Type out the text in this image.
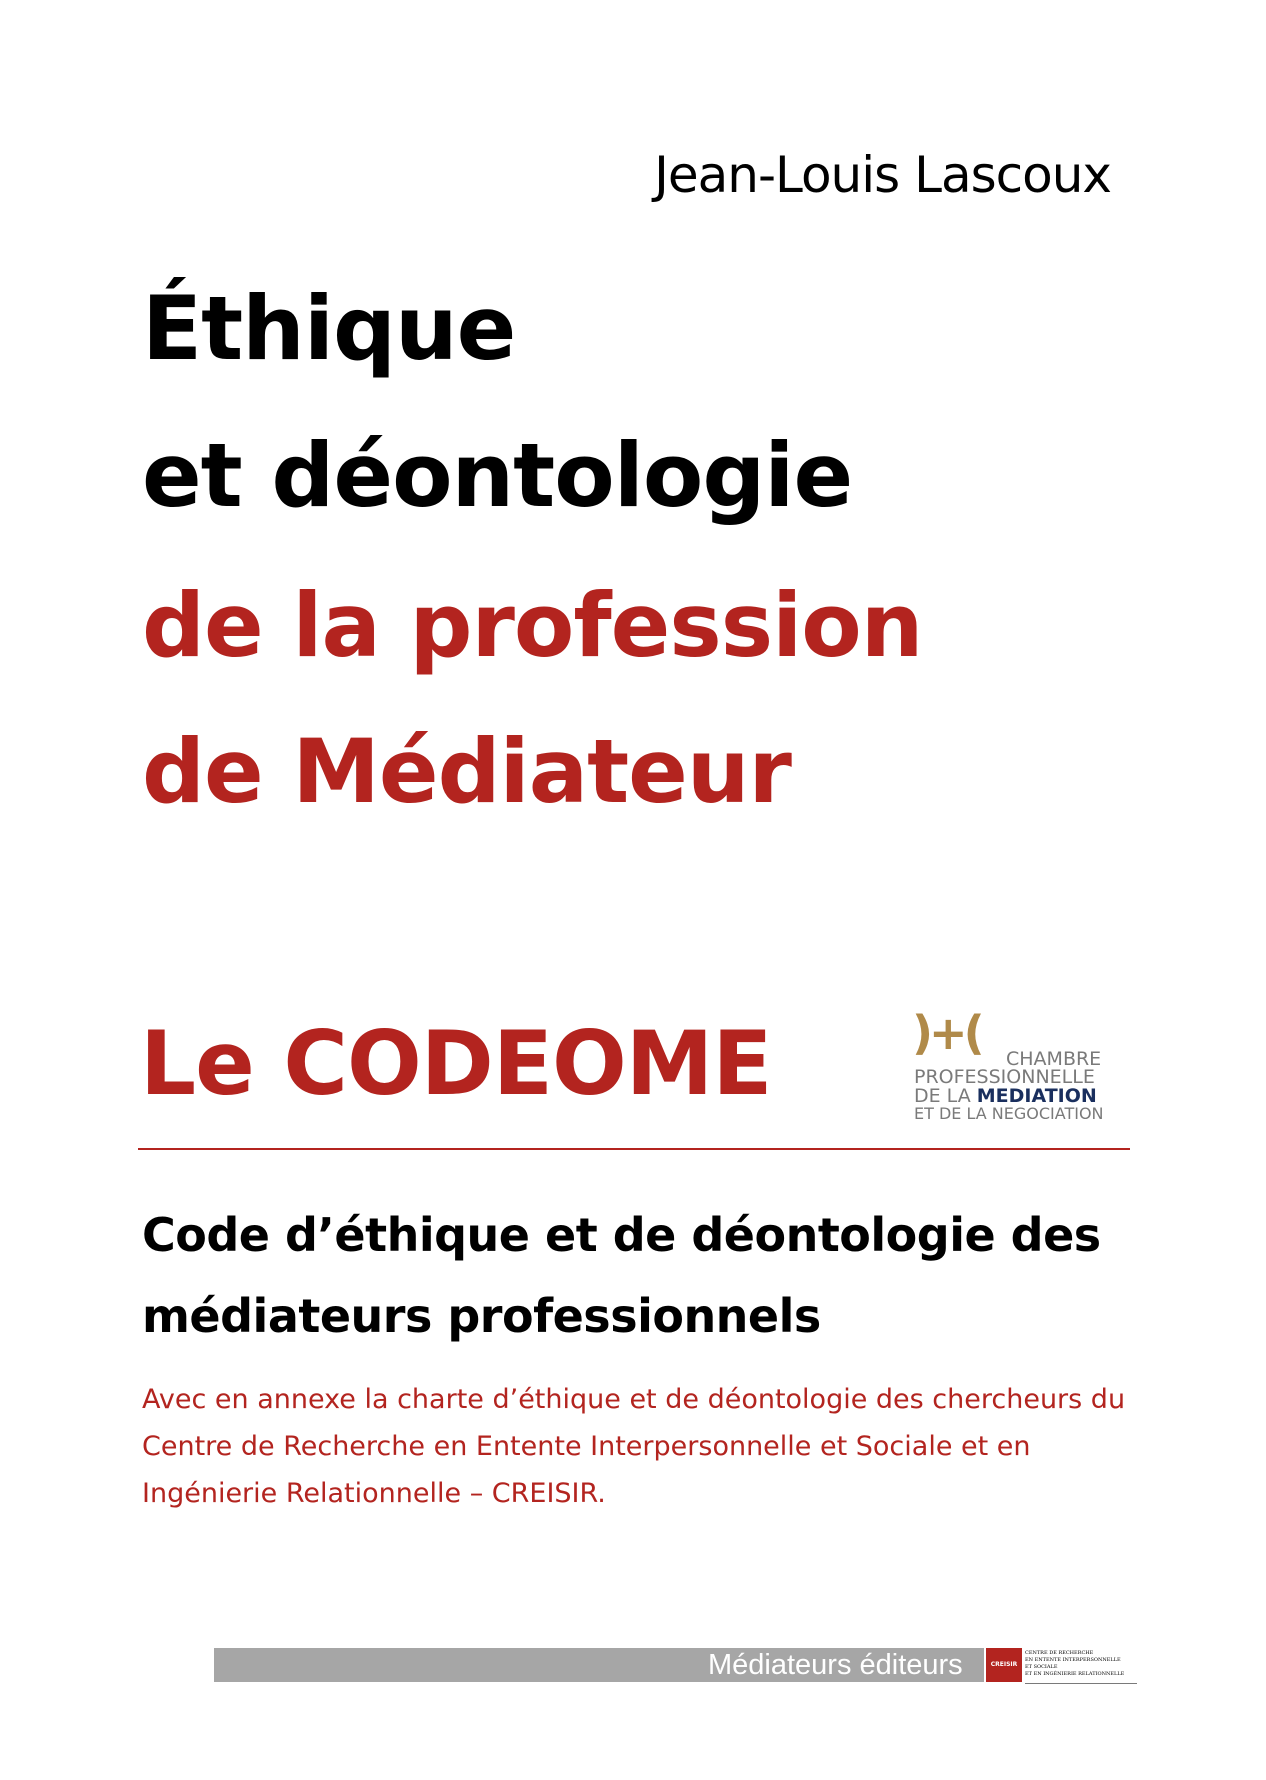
Jean-Louis Lascoux
Éthique
et déontologie
de la profession
de Médiateur
Le CODEOME	)+( CHAMBRE
PROFESSIONNELLE
DE LA MEDIATION
ET DE LA NEGOCIATION
Code d’éthique et de déontologie des médiateurs professionnels
Avec en annexe la charte d’éthique et de déontologie des chercheurs du Centre de Recherche en Entente Interpersonnelle et Sociale et en Ingénierie Relationnelle – CREISIR.
Médiateurs éditeurs	CREISIR
CENTRE DE RECHERCHE
EN ENTENTE INTERPERSONNELLE
ET SOCIALE
ET EN INGÉNIERIE RELATIONNELLE
